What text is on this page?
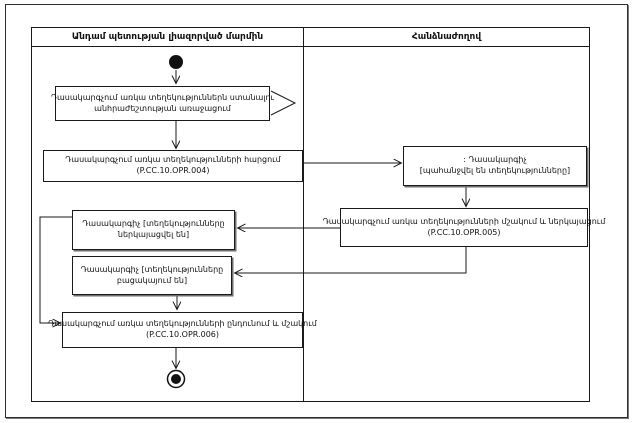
Անդամ պետության լիազորված մարմին	Հանձնաժողով
Դասակարգչում առկա տեղեկություններն ստանալու
անհրաժեշտության առաջացում
Դասակարգչում առկա տեղեկությունների հարցում
(P.CC.10.OPR.004)
: Դասակարգիչ
[պահանջվել են տեղեկությունները]
Դասակարգչում առկա տեղեկությունների մշակում և ներկայացում
(P.CC.10.OPR.005)
Դասակարգիչ [տեղեկությունները
ներկայացվել են]
Դասակարգիչ [տեղեկությունները
բացակայում են]
Դասակարգչում առկա տեղեկությունների ընդունում և մշակում
(P.CC.10.OPR.006)
